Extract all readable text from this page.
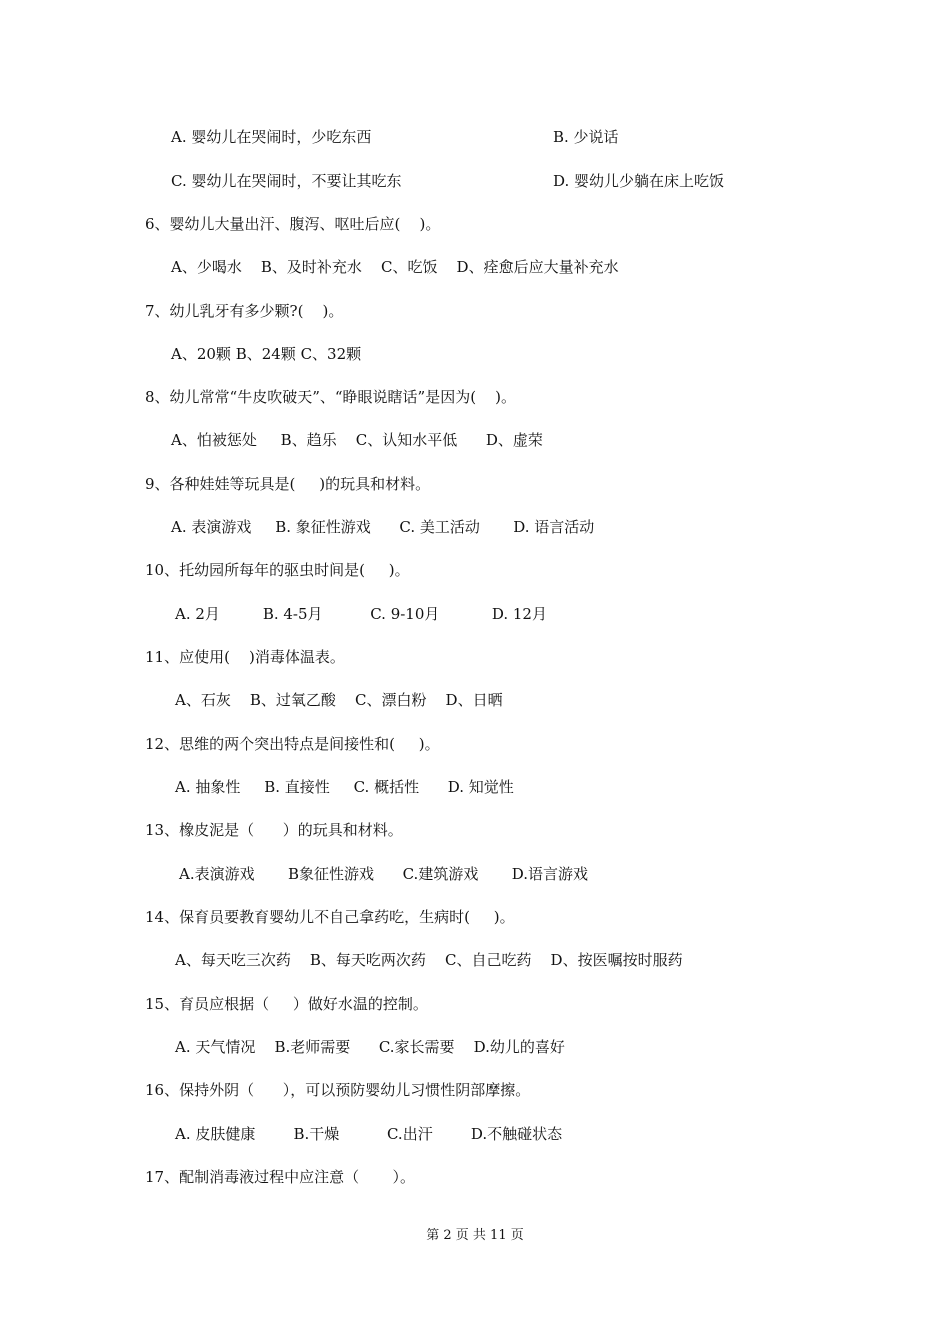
A. 婴幼儿在哭闹时，少吃东西	B. 少说话
C. 婴幼儿在哭闹时，不要让其吃东	D. 婴幼儿少躺在床上吃饭
6、婴幼儿大量出汗、腹泻、呕吐后应(    )。
A、少喝水    B、及时补充水    C、吃饭    D、痊愈后应大量补充水
7、幼儿乳牙有多少颗?(    )。
A、20颗 B、24颗 C、32颗
8、幼儿常常“牛皮吹破天”、“睁眼说瞎话”是因为(    )。
A、怕被惩处     B、趋乐    C、认知水平低      D、虚荣
9、各种娃娃等玩具是(     )的玩具和材料。
A. 表演游戏     B. 象征性游戏      C. 美工活动       D. 语言活动
10、托幼园所每年的驱虫时间是(     )。
A. 2月         B. 4-5月          C. 9-10月           D. 12月
11、应使用(    )消毒体温表。
A、石灰    B、过氧乙酸    C、漂白粉    D、日晒
12、思维的两个突出特点是间接性和(     )。
A. 抽象性     B. 直接性     C. 概括性      D. 知觉性
13、橡皮泥是（      ）的玩具和材料。
A.表演游戏       B象征性游戏      C.建筑游戏       D.语言游戏
14、保育员要教育婴幼儿不自己拿药吃，生病时(     )。
A、每天吃三次药    B、每天吃两次药    C、自己吃药    D、按医嘱按时服药
15、育员应根据（     ）做好水温的控制。
A. 天气情况    B.老师需要      C.家长需要    D.幼儿的喜好
16、保持外阴（      ），可以预防婴幼儿习惯性阴部摩擦。
A. 皮肤健康        B.干燥          C.出汗        D.不触碰状态
17、配制消毒液过程中应注意（       ）。
第 2 页 共 11 页
